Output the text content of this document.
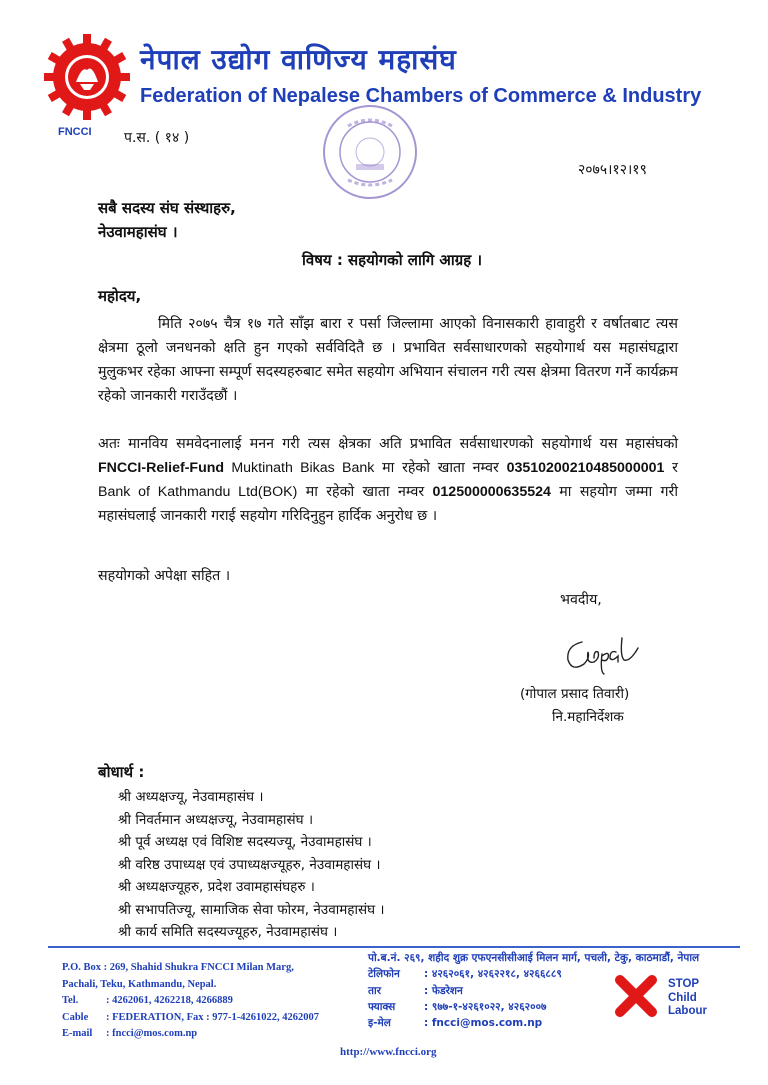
FNCCI
नेपाल उद्योग वाणिज्य महासंघ
Federation of Nepalese Chambers of Commerce & Industry
प.स. ( १४ )
२०७५।१२।१९
सबै सदस्य संघ संस्थाहरु,
नेउवामहासंघ ।
विषय : सहयोगको लागि आग्रह ।
महोदय,
मिति २०७५ चैत्र १७ गते साँझ बारा र पर्सा जिल्लामा आएको विनासकारी हावाहुरी र वर्षातबाट त्यस क्षेत्रमा ठूलो जनधनको क्षति हुन गएको सर्वविदितै छ । प्रभावित सर्वसाधारणको सहयोगार्थ यस महासंघद्वारा मुलुकभर रहेका आफ्ना सम्पूर्ण सदस्यहरुबाट समेत सहयोग अभियान संचालन गरी त्यस क्षेत्रमा वितरण गर्ने कार्यक्रम रहेको जानकारी गराउँदछौं ।
अतः मानविय समवेदनालाई मनन गरी त्यस क्षेत्रका अति प्रभावित सर्वसाधारणको सहयोगार्थ यस महासंघको FNCCI-Relief-Fund Muktinath Bikas Bank मा रहेको खाता नम्वर 03510200210485000001 र Bank of Kathmandu Ltd(BOK) मा रहेको खाता नम्वर 012500000635524 मा सहयोग जम्मा गरी महासंघलाई जानकारी गराई सहयोग गरिदिनुहुन हार्दिक अनुरोध छ ।
सहयोगको अपेक्षा सहित ।
भवदीय,
(गोपाल प्रसाद तिवारी)
नि.महानिर्देशक
बोधार्थ :
श्री अध्यक्षज्यू, नेउवामहासंघ ।
श्री निवर्तमान अध्यक्षज्यू, नेउवामहासंघ ।
श्री पूर्व अध्यक्ष एवं विशिष्ट सदस्यज्यू, नेउवामहासंघ ।
श्री वरिष्ठ उपाध्यक्ष एवं उपाध्यक्षज्यूहरु, नेउवामहासंघ ।
श्री अध्यक्षज्यूहरु, प्रदेश उवामहासंघहरु ।
श्री सभापतिज्यू, सामाजिक सेवा फोरम, नेउवामहासंघ ।
श्री कार्य समिति सदस्यज्यूहरु, नेउवामहासंघ ।
P.O. Box : 269, Shahid Shukra FNCCI Milan Marg,
Pachali, Teku, Kathmandu, Nepal.
Tel.	: 4262061, 4262218, 4266889
Cable	: FEDERATION, Fax : 977-1-4261022, 4262007
E-mail	: fncci@mos.com.np
पो.ब.नं. २६९, शहीद शुक्र एफएनसीसीआई मिलन मार्ग, पचली, टेकु, काठमाडौं, नेपाल
टेलिफोन	: ४२६२०६१, ४२६२२१८, ४२६६८८९
तार	: फेडरेशन
फ्याक्स	: ९७७-१-४२६१०२२, ४२६२००७
इ-मेल	: fncci@mos.com.np
STOP
Child
Labour
http://www.fncci.org
